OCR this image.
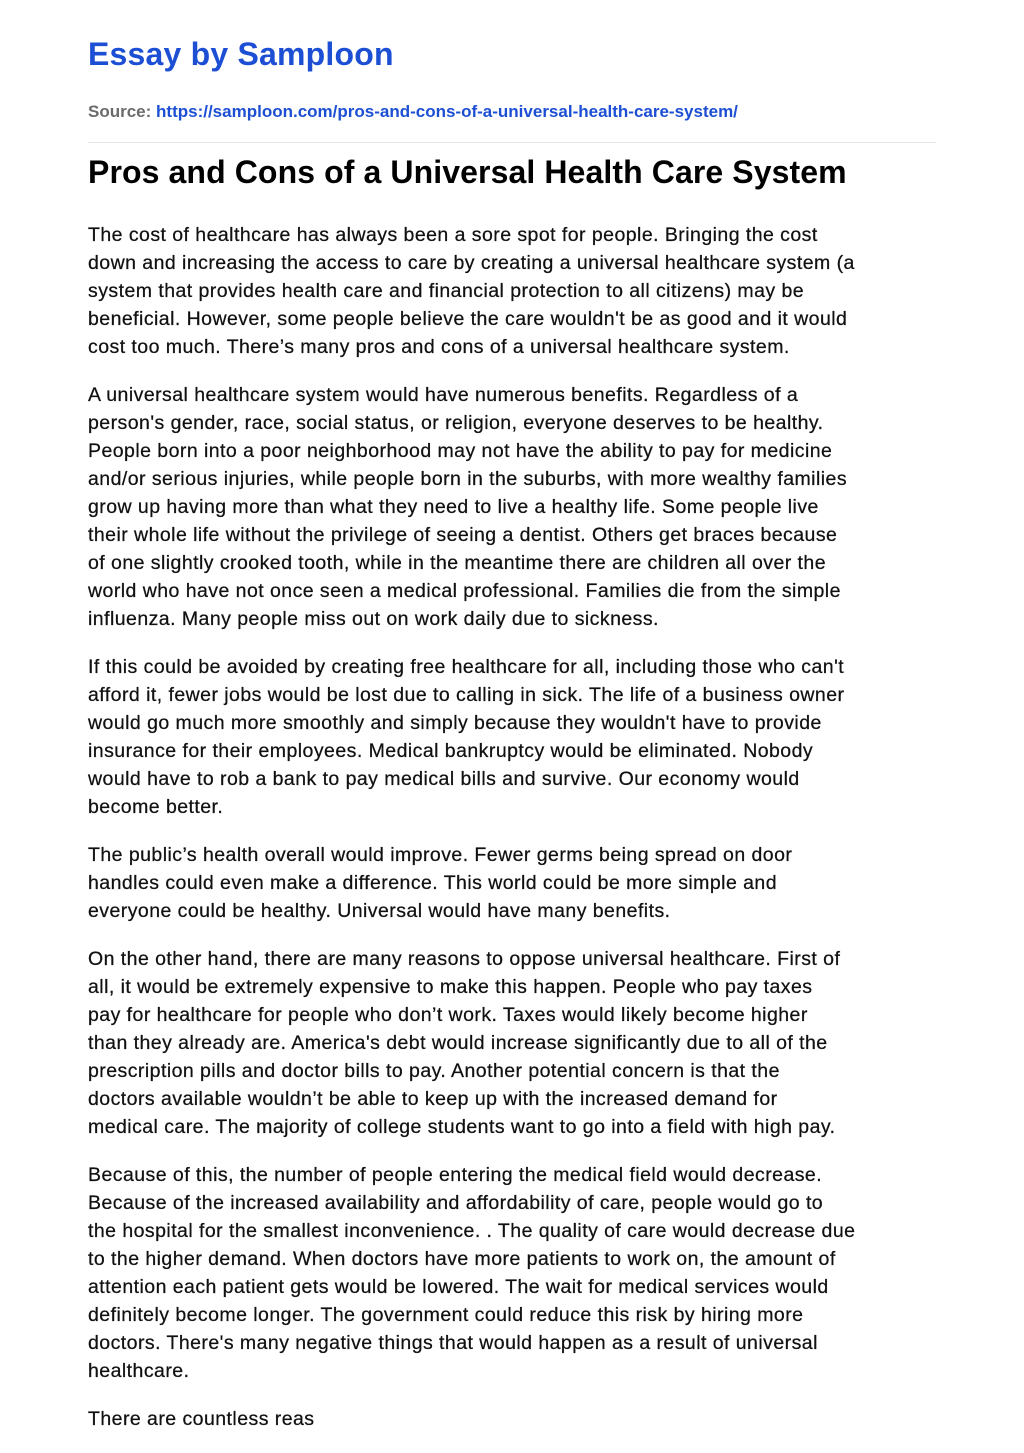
Essay by Samploon
Source: https://samploon.com/pros-and-cons-of-a-universal-health-care-system/
Pros and Cons of a Universal Health Care System

The cost of healthcare has always been a sore spot for people. Bringing the cost
down and increasing the access to care by creating a universal healthcare system (a
system that provides health care and financial protection to all citizens) may be
beneficial. However, some people believe the care wouldn't be as good and it would
cost too much. There’s many pros and cons of a universal healthcare system.

A universal healthcare system would have numerous benefits. Regardless of a
person's gender, race, social status, or religion, everyone deserves to be healthy.
People born into a poor neighborhood may not have the ability to pay for medicine
and/or serious injuries, while people born in the suburbs, with more wealthy families
grow up having more than what they need to live a healthy life. Some people live
their whole life without the privilege of seeing a dentist. Others get braces because
of one slightly crooked tooth, while in the meantime there are children all over the
world who have not once seen a medical professional. Families die from the simple
influenza. Many people miss out on work daily due to sickness.

If this could be avoided by creating free healthcare for all, including those who can't
afford it, fewer jobs would be lost due to calling in sick. The life of a business owner
would go much more smoothly and simply because they wouldn't have to provide
insurance for their employees. Medical bankruptcy would be eliminated. Nobody
would have to rob a bank to pay medical bills and survive. Our economy would
become better.

The public’s health overall would improve. Fewer germs being spread on door
handles could even make a difference. This world could be more simple and
everyone could be healthy. Universal would have many benefits.

On the other hand, there are many reasons to oppose universal healthcare. First of
all, it would be extremely expensive to make this happen. People who pay taxes
pay for healthcare for people who don’t work. Taxes would likely become higher
than they already are. America's debt would increase significantly due to all of the
prescription pills and doctor bills to pay. Another potential concern is that the
doctors available wouldn’t be able to keep up with the increased demand for
medical care. The majority of college students want to go into a field with high pay.

Because of this, the number of people entering the medical field would decrease.
Because of the increased availability and affordability of care, people would go to
the hospital for the smallest inconvenience. . The quality of care would decrease due
to the higher demand. When doctors have more patients to work on, the amount of
attention each patient gets would be lowered. The wait for medical services would
definitely become longer. The government could reduce this risk by hiring more
doctors. There's many negative things that would happen as a result of universal
healthcare.

There are countless reas
